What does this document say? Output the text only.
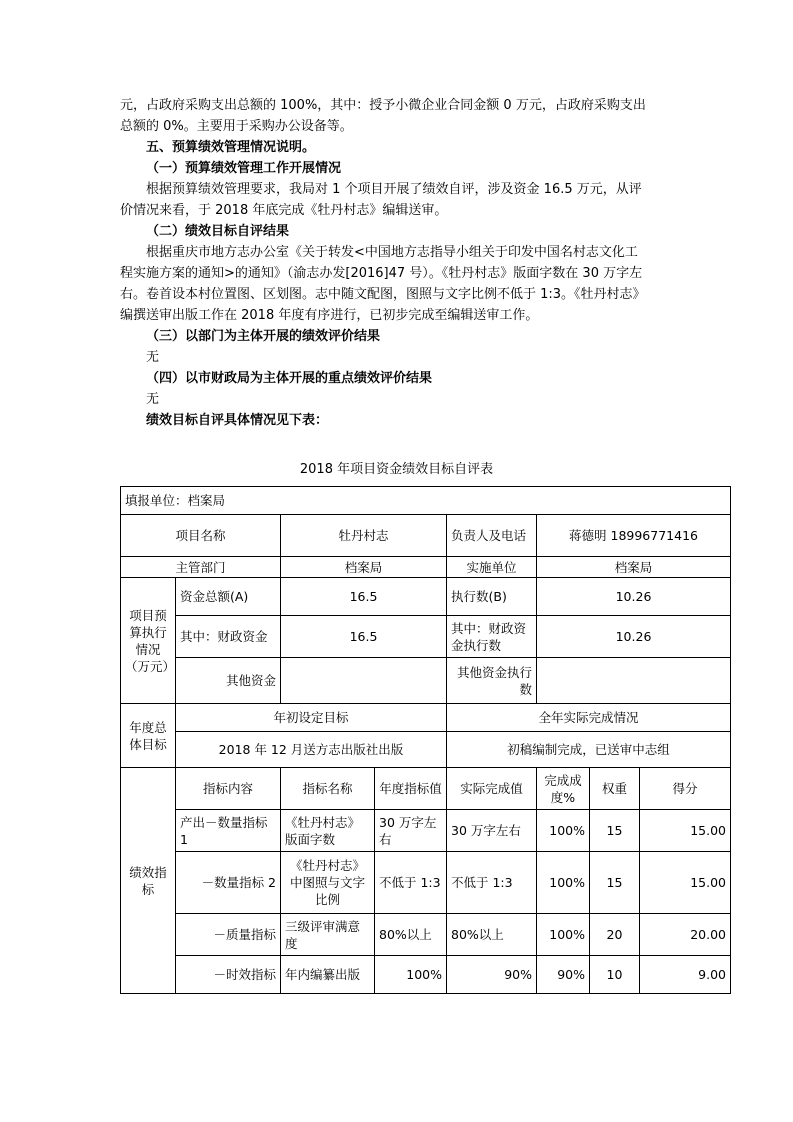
元，占政府采购支出总额的 100%，其中：授予小微企业合同金额 0 万元，占政府采购支出
总额的 0%。主要用于采购办公设备等。
五、预算绩效管理情况说明。
（一）预算绩效管理工作开展情况
根据预算绩效管理要求，我局对 1 个项目开展了绩效自评，涉及资金 16.5 万元，从评
价情况来看，于 2018 年底完成《牡丹村志》编辑送审。
（二）绩效目标自评结果
根据重庆市地方志办公室《关于转发<中国地方志指导小组关于印发中国名村志文化工
程实施方案的通知>的通知》（渝志办发[2016]47 号）。《牡丹村志》版面字数在 30 万字左
右。卷首设本村位置图、区划图。志中随文配图，图照与文字比例不低于 1:3。《牡丹村志》
编撰送审出版工作在 2018 年度有序进行，已初步完成至编辑送审工作。
（三）以部门为主体开展的绩效评价结果
无
（四）以市财政局为主体开展的重点绩效评价结果
无
绩效目标自评具体情况见下表：
2018 年项目资金绩效目标自评表
填报单位：档案局							
项目名称		牡丹村志		负责人及电话	蒋德明 18996771416		
主管部门		档案局		实施单位	档案局		
项目预算执行情况（万元）	资金总额(A)	16.5		执行数(B)	10.26		
	其中：财政资金	16.5		其中：财政资金执行数	10.26		
	其他资金			其他资金执行数			
年度总体目标	年初设定目标			全年实际完成情况			
	2018 年 12 月送方志出版社出版			初稿编制完成，已送审中志组			
绩效指标	指标内容	指标名称	年度指标值	实际完成值	完成成度%	权重	得分
	产出－数量指标 1	《牡丹村志》版面字数	30 万字左右	30 万字左右	100%	15	15.00
	－数量指标 2	《牡丹村志》中图照与文字比例	不低于 1:3	不低于 1:3	100%	15	15.00
	－质量指标	三级评审满意度	80%以上	80%以上	100%	20	20.00
	－时效指标	年内编纂出版	100%	90%	90%	10	9.00
